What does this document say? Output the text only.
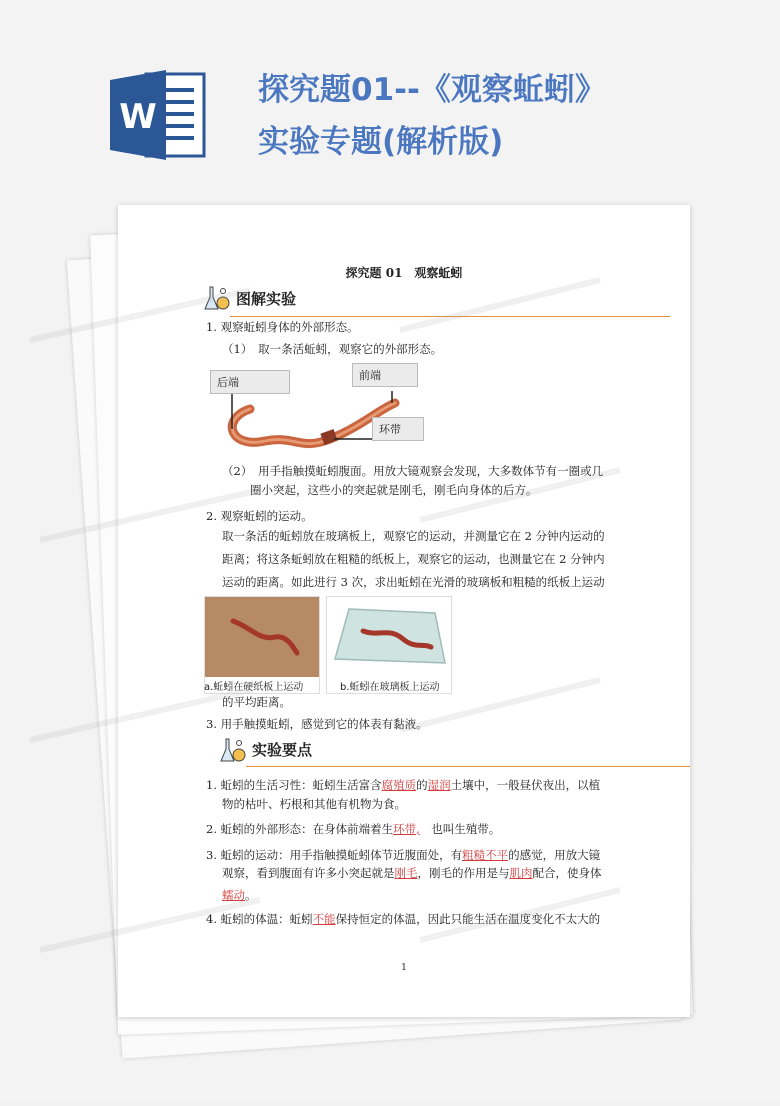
W
探究题01--《观察蚯蚓》
实验专题(解析版)
探究题 01　观察蚯蚓
图解实验
1. 观察蚯蚓身体的外部形态。
（1）　取一条活蚯蚓，观察它的外部形态。
后端
前端
环带
（2）　用手指触摸蚯蚓腹面。用放大镜观察会发现，大多数体节有一圈或几
圈小突起，这些小的突起就是刚毛，刚毛向身体的后方。
2. 观察蚯蚓的运动。
取一条活的蚯蚓放在玻璃板上，观察它的运动，并测量它在 2 分钟内运动的
距离；将这条蚯蚓放在粗糙的纸板上，观察它的运动，也测量它在 2 分钟内
运动的距离。如此进行 3 次，求出蚯蚓在光滑的玻璃板和粗糙的纸板上运动
a.蚯蚓在硬纸板上运动	b.蚯蚓在玻璃板上运动
的平均距离。
3. 用手触摸蚯蚓，感觉到它的体表有黏液。
实验要点
1. 蚯蚓的生活习性：蚯蚓生活富含腐殖质的湿润土壤中，一般昼伏夜出，以植
物的枯叶、朽根和其他有机物为食。
2. 蚯蚓的外部形态：在身体前端着生环带,　也叫生殖带。
3. 蚯蚓的运动：用手指触摸蚯蚓体节近腹面处，有粗糙不平的感觉，用放大镜
观察，看到腹面有许多小突起就是刚毛，刚毛的作用是与肌肉配合，使身体
蠕动。
4. 蚯蚓的体温：蚯蚓不能保持恒定的体温，因此只能生活在温度变化不太大的
1
